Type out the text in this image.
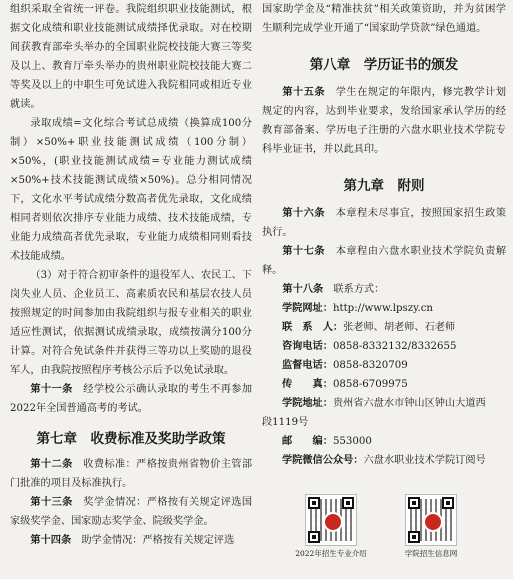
组织采取全省统一评卷。我院组织职业技能测试，根据文化成绩和职业技能测试成绩择优录取。对在校期间获教育部牵头举办的全国职业院校技能大赛三等奖及以上、教育厅牵头举办的贵州职业院校技能大赛二等奖及以上的中职生可免试进入我院相同或相近专业就读。

录取成绩=文化综合考试总成绩（换算成100分制）×50%+职业技能测试成绩（100分制）×50%，(职业技能测试成绩=专业能力测试成绩×50%+技术技能测试成绩×50%)。总分相同情况下，文化水平考试成绩分数高者优先录取，文化成绩相同者则依次排序专业能力成绩、技术技能成绩，专业能力成绩高者优先录取，专业能力成绩相同则看技术技能成绩。

（3）对于符合初审条件的退役军人、农民工、下岗失业人员、企业员工、高素质农民和基层农技人员按照规定的时间参加由我院组织与报专业相关的职业适应性测试，依据测试成绩录取，成绩按满分100分计算。对符合免试条件并获得三等功以上奖励的退役军人，由我院按照程序考核公示后予以免试录取。

第十一条　 经学校公示确认录取的考生不再参加2022年全国普通高考的考试。

第七章　收费标准及奖助学政策

第十二条　 收费标准：严格按贵州省物价主管部门批准的项目及标准执行。

第十三条　 奖学金情况：严格按有关规定评选国家级奖学金、国家励志奖学金、院级奖学金。

第十四条　 助学金情况：严格按有关规定评选

国家助学金及“精准扶贫”相关政策资助，并为贫困学生顺利完成学业开通了“国家助学贷款”绿色通道。

第八章　学历证书的颁发

第十五条　 学生在规定的年限内，修完教学计划规定的内容，达到毕业要求，发给国家承认学历的经教育部备案、学历电子注册的六盘水职业技术学院专科毕业证书，并以此具印。

第九章　附则

第十六条　 本章程未尽事宜，按照国家招生政策执行。

第十七条　 本章程由六盘水职业技术学院负责解释。

第十八条　 联系方式：

学院网址：http://www.lpszy.cn
联　系　人：张老师、胡老师、石老师
咨询电话：0858-8332132/8332655
监督电话：0858-8320709
传　　真：0858-6709975
学院地址：贵州省六盘水市钟山区钟山大道西
段1119号
邮　　编：553000
学院微信公众号：六盘水职业技术学院订阅号
2022年招生专业介绍	学院招生信息网
